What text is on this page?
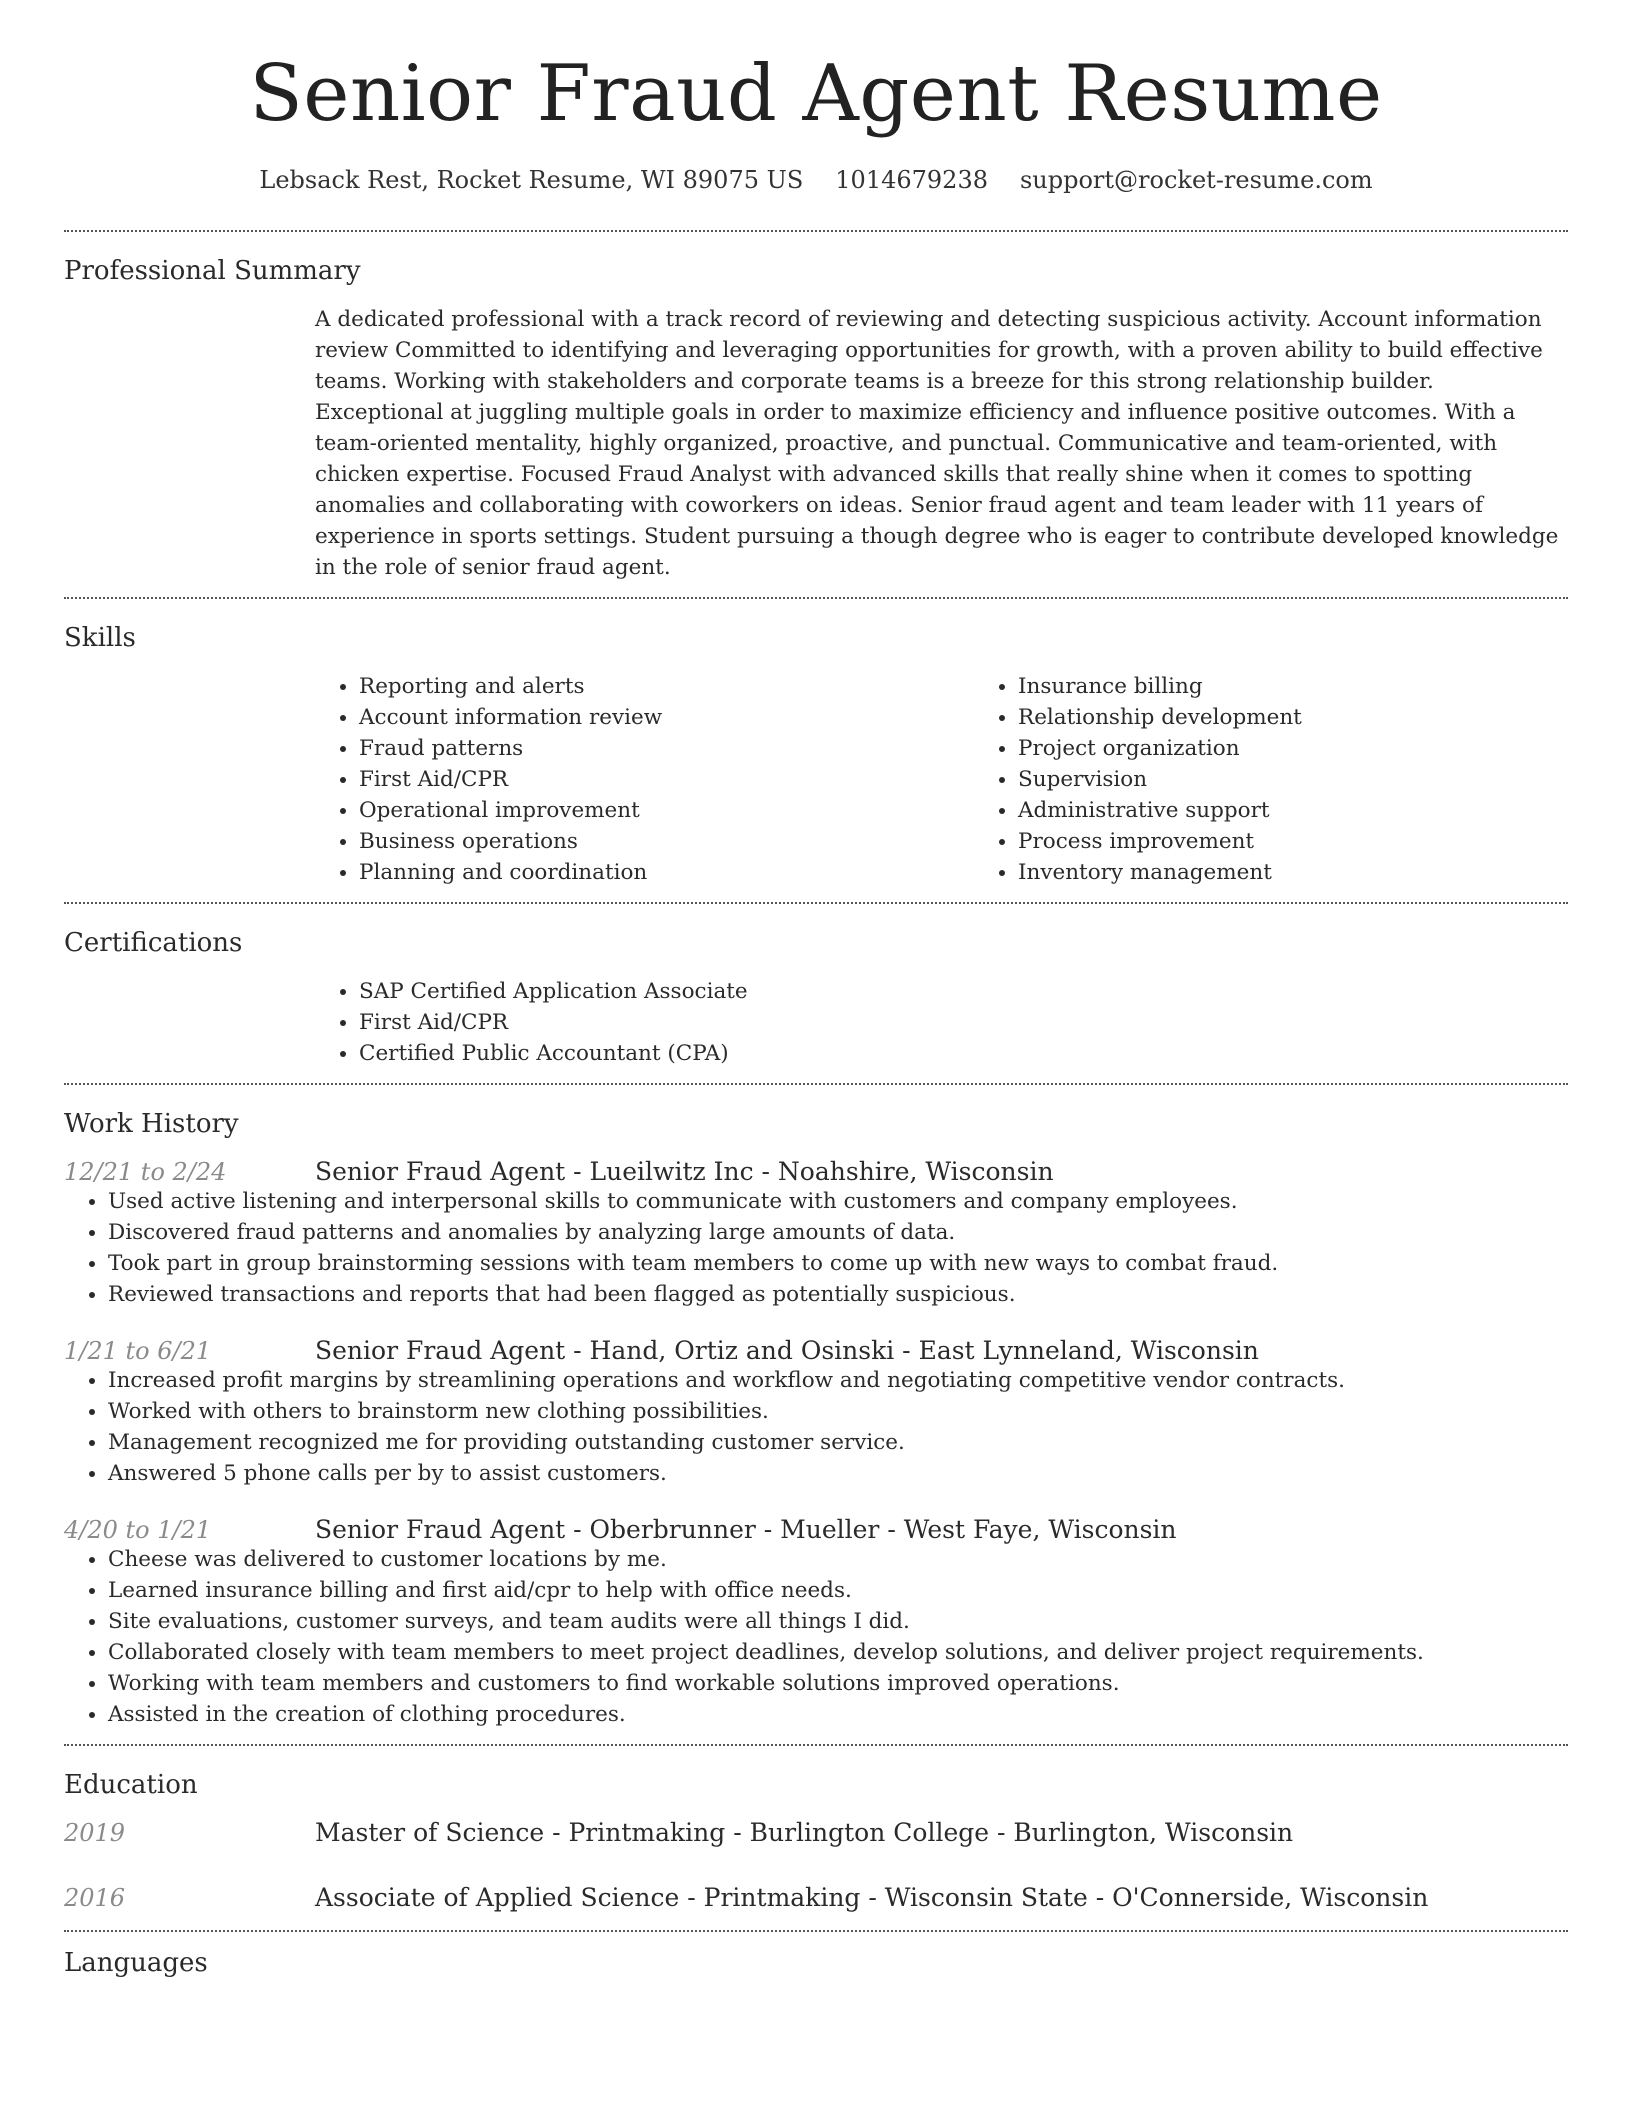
Senior Fraud Agent Resume
Lebsack Rest, Rocket Resume, WI 89075 US 1014679238 support@rocket-resume.com
Professional Summary

A dedicated professional with a track record of reviewing and detecting suspicious activity. Account information review Committed to identifying and leveraging opportunities for growth, with a proven ability to build effective teams. Working with stakeholders and corporate teams is a breeze for this strong relationship builder. Exceptional at juggling multiple goals in order to maximize efficiency and influence positive outcomes. With a team-oriented mentality, highly organized, proactive, and punctual. Communicative and team-oriented, with chicken expertise. Focused Fraud Analyst with advanced skills that really shine when it comes to spotting anomalies and collaborating with coworkers on ideas. Senior fraud agent and team leader with 11 years of experience in sports settings. Student pursuing a though degree who is eager to contribute developed knowledge in the role of senior fraud agent.

Skills
• Reporting and alerts
• Account information review
• Fraud patterns
• First Aid/CPR
• Operational improvement
• Business operations
• Planning and coordination
• Insurance billing
• Relationship development
• Project organization
• Supervision
• Administrative support
• Process improvement
• Inventory management
Certifications
• SAP Certified Application Associate
• First Aid/CPR
• Certified Public Accountant (CPA)
Work History
12/21 to 2/24	Senior Fraud Agent - Lueilwitz Inc - Noahshire, Wisconsin
• Used active listening and interpersonal skills to communicate with customers and company employees.
• Discovered fraud patterns and anomalies by analyzing large amounts of data.
• Took part in group brainstorming sessions with team members to come up with new ways to combat fraud.
• Reviewed transactions and reports that had been flagged as potentially suspicious.
1/21 to 6/21	Senior Fraud Agent - Hand, Ortiz and Osinski - East Lynneland, Wisconsin
• Increased profit margins by streamlining operations and workflow and negotiating competitive vendor contracts.
• Worked with others to brainstorm new clothing possibilities.
• Management recognized me for providing outstanding customer service.
• Answered 5 phone calls per by to assist customers.
4/20 to 1/21	Senior Fraud Agent - Oberbrunner - Mueller - West Faye, Wisconsin
• Cheese was delivered to customer locations by me.
• Learned insurance billing and first aid/cpr to help with office needs.
• Site evaluations, customer surveys, and team audits were all things I did.
• Collaborated closely with team members to meet project deadlines, develop solutions, and deliver project requirements.
• Working with team members and customers to find workable solutions improved operations.
• Assisted in the creation of clothing procedures.
Education
2019	Master of Science - Printmaking - Burlington College - Burlington, Wisconsin
2016	Associate of Applied Science - Printmaking - Wisconsin State - O'Connerside, Wisconsin
Languages
